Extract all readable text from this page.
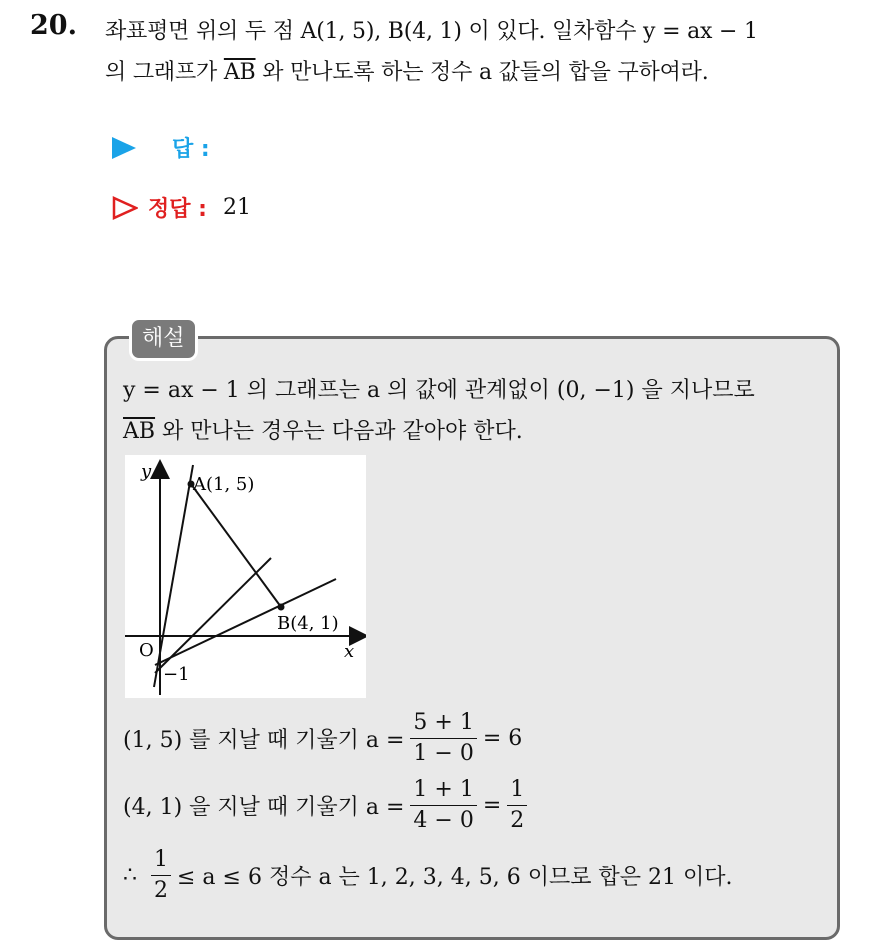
20. 좌표평면 위의 두 점 A(1, 5), B(4, 1) 이 있다. 일차함수 y = ax − 1
의 그래프가 $\overline{AB}$ 와 만나도록 하는 정수 a 값들의 합을 구하여라.
답 :
정답 : 21
해설
y = ax − 1 의 그래프는 a 의 값에 관계없이 (0, −1) 을 지나므로
$\overline{AB}$ 와 만나는 경우는 다음과 같아야 한다.
y
x
O
A(1, 5)
B(4, 1)
−1
(1, 5) 를 지날 때 기울기 $a = \frac{5 + 1}{1 - 0} = 6$
(4, 1) 을 지날 때 기울기 $a = \frac{1 + 1}{4 - 0} = \frac{1}{2}$
∴ $\frac{1}{2} \le a \le 6$ 정수 a 는 1, 2, 3, 4, 5, 6 이므로 합은 21 이다.
